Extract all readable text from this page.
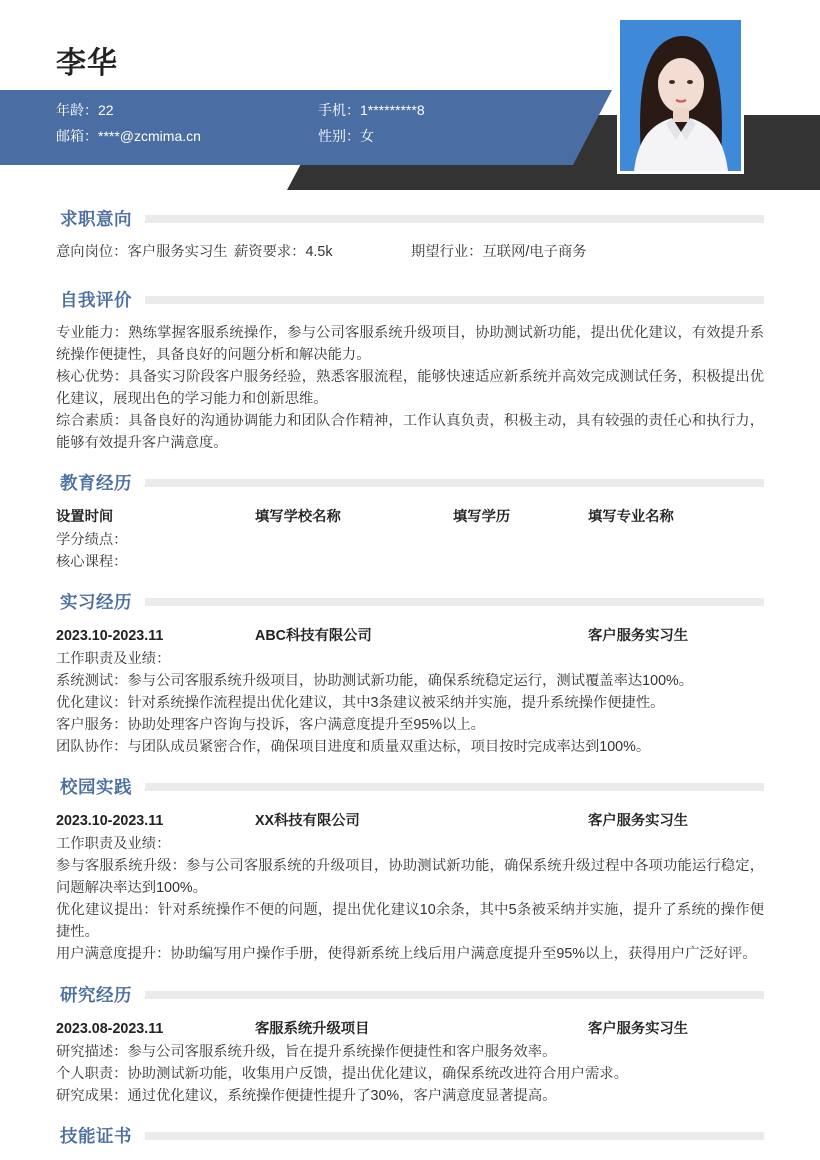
李华
年龄：22	手机：1*********8
邮箱：****@zcmima.cn	性别：女
求职意向
意向岗位：客户服务实习生 薪资要求：4.5k	期望行业：互联网/电子商务
自我评价
专业能力：熟练掌握客服系统操作，参与公司客服系统升级项目，协助测试新功能，提出优化建议，有效提升系统操作便捷性，具备良好的问题分析和解决能力。
核心优势：具备实习阶段客户服务经验，熟悉客服流程，能够快速适应新系统并高效完成测试任务，积极提出优化建议，展现出色的学习能力和创新思维。
综合素质：具备良好的沟通协调能力和团队合作精神，工作认真负责，积极主动，具有较强的责任心和执行力，能够有效提升客户满意度。
教育经历
设置时间	填写学校名称	填写学历	填写专业名称
学分绩点：
核心课程：
实习经历
2023.10-2023.11	ABC科技有限公司	客户服务实习生
工作职责及业绩：
系统测试：参与公司客服系统升级项目，协助测试新功能，确保系统稳定运行，测试覆盖率达100%。
优化建议：针对系统操作流程提出优化建议，其中3条建议被采纳并实施，提升系统操作便捷性。
客户服务：协助处理客户咨询与投诉，客户满意度提升至95%以上。
团队协作：与团队成员紧密合作，确保项目进度和质量双重达标，项目按时完成率达到100%。
校园实践
2023.10-2023.11	XX科技有限公司	客户服务实习生
工作职责及业绩：
参与客服系统升级：参与公司客服系统的升级项目，协助测试新功能，确保系统升级过程中各项功能运行稳定，问题解决率达到100%。
优化建议提出：针对系统操作不便的问题，提出优化建议10余条，其中5条被采纳并实施，提升了系统的操作便捷性。
用户满意度提升：协助编写用户操作手册，使得新系统上线后用户满意度提升至95%以上，获得用户广泛好评。
研究经历
2023.08-2023.11	客服系统升级项目	客户服务实习生
研究描述：参与公司客服系统升级，旨在提升系统操作便捷性和客户服务效率。
个人职责：协助测试新功能，收集用户反馈，提出优化建议，确保系统改进符合用户需求。
研究成果：通过优化建议，系统操作便捷性提升了30%，客户满意度显著提高。
技能证书
